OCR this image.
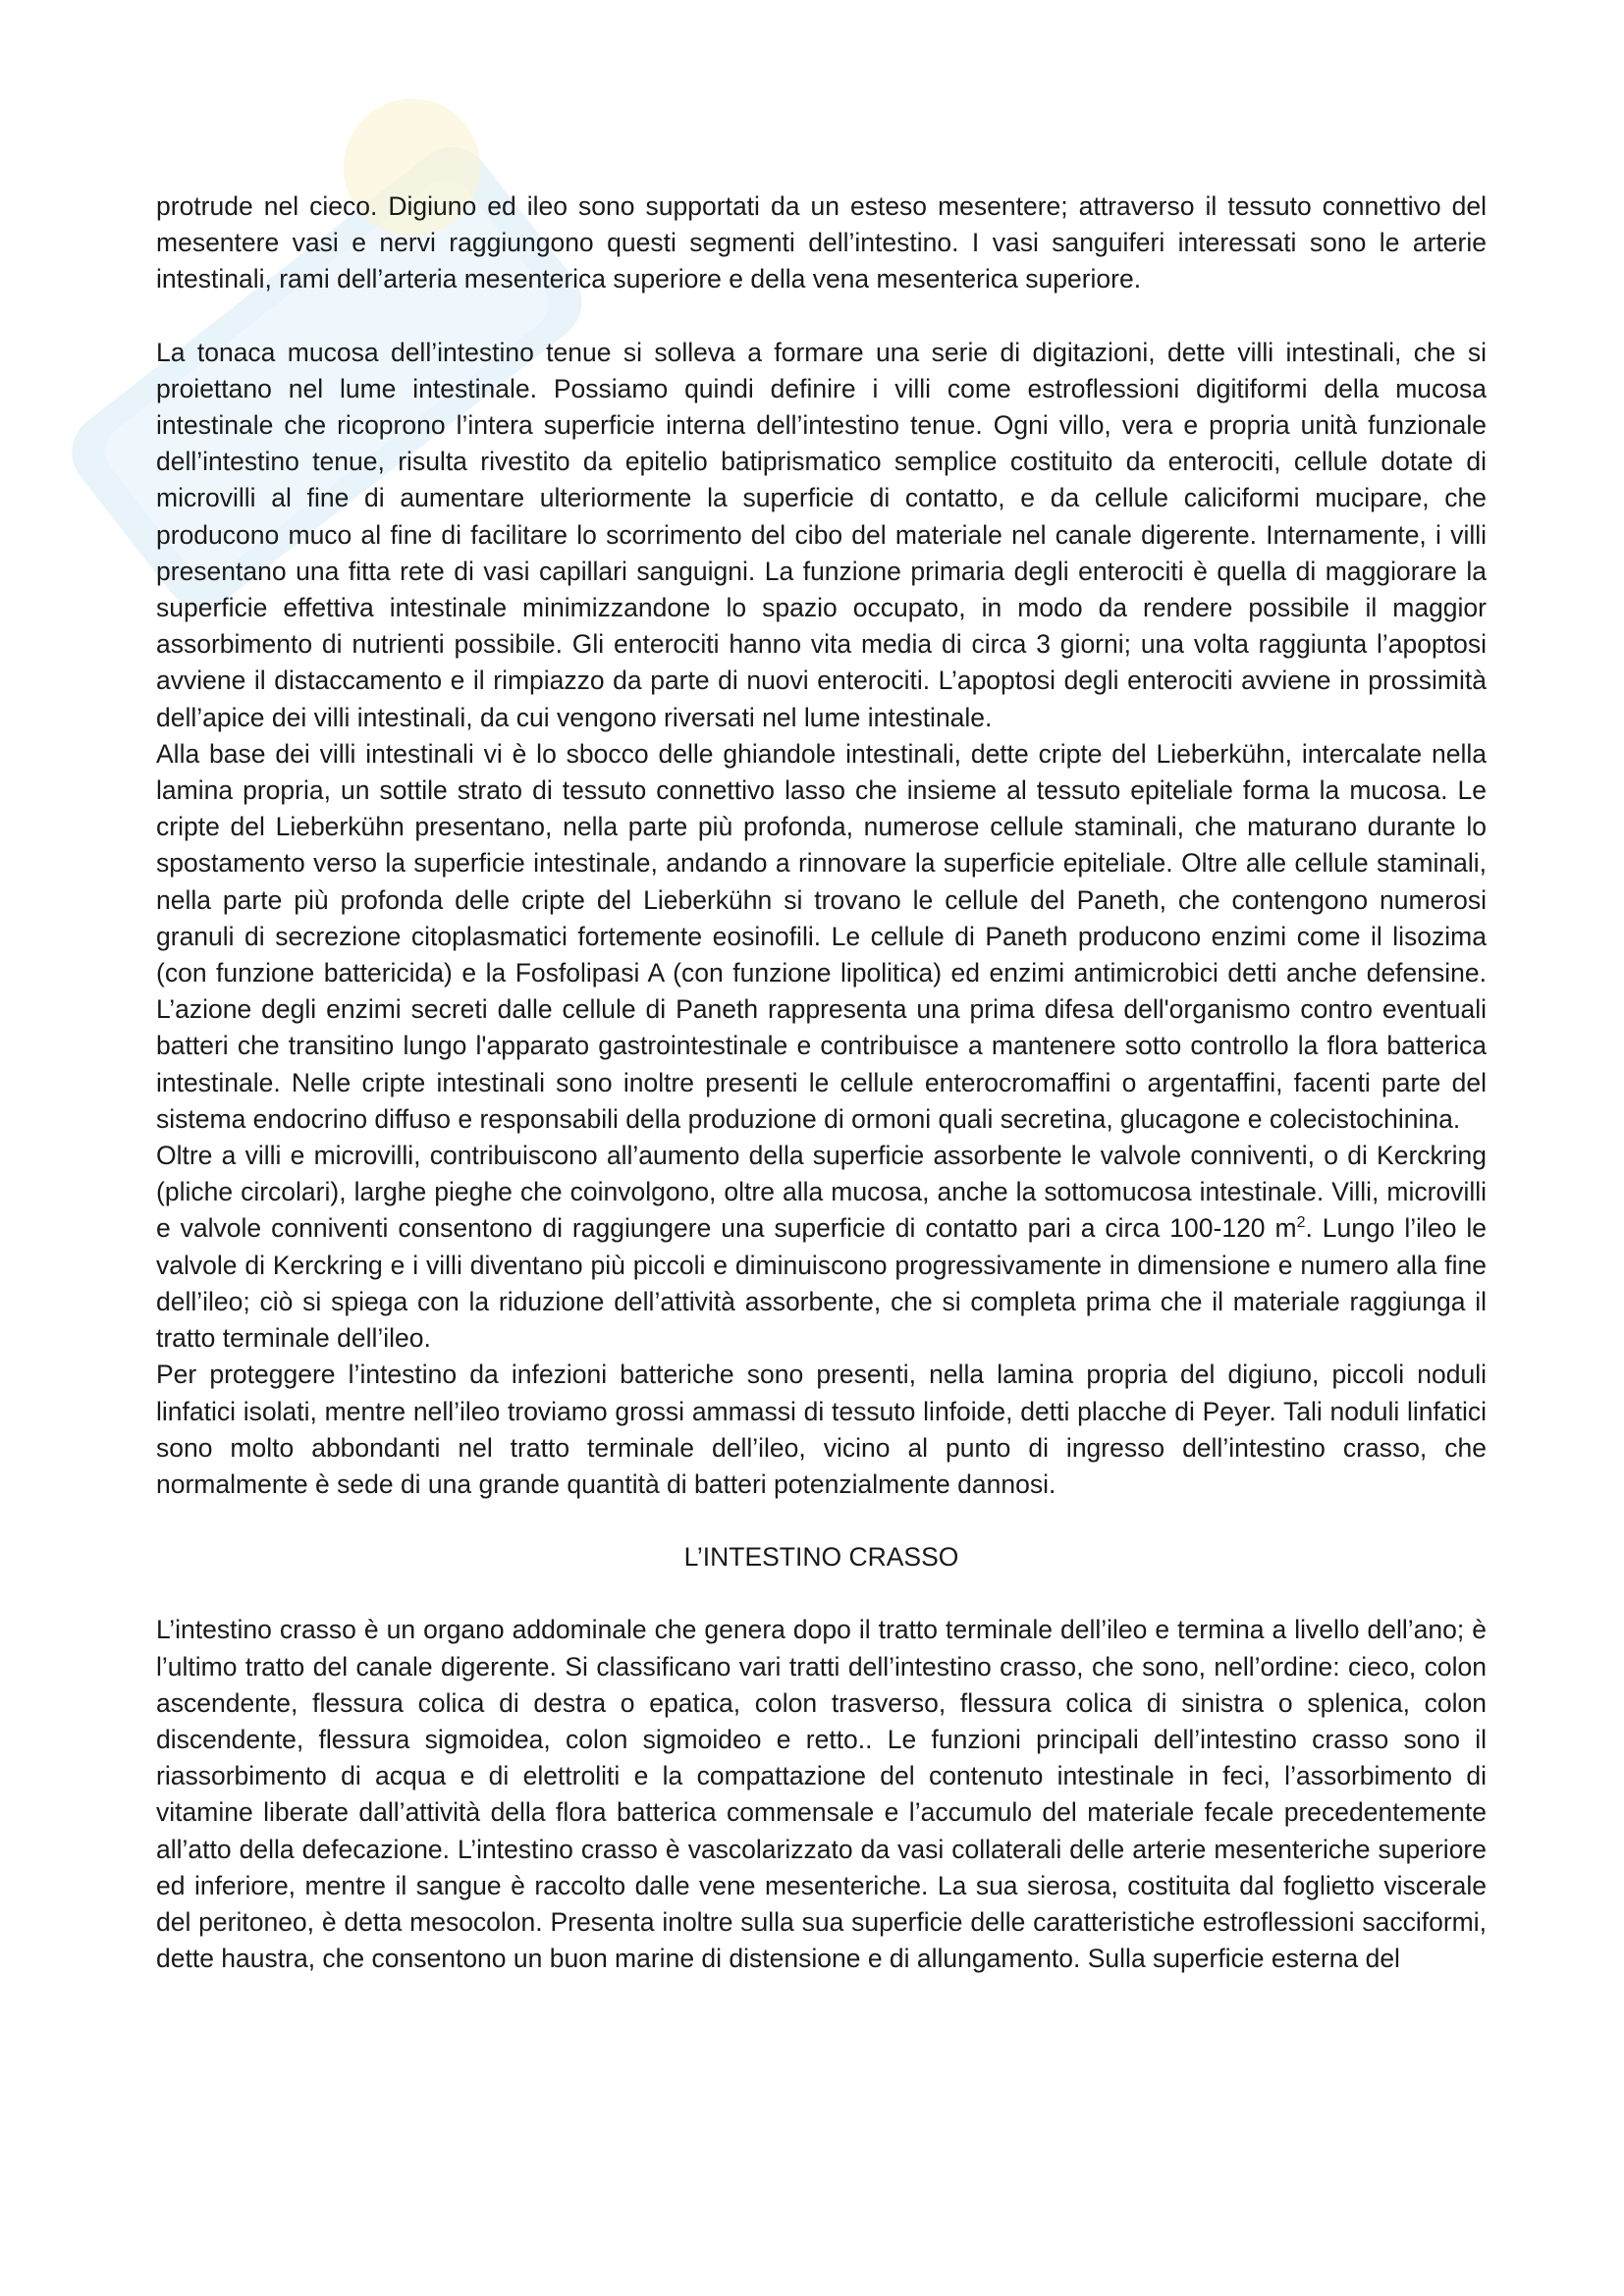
protrude nel cieco. Digiuno ed ileo sono supportati da un esteso mesentere; attraverso il tessuto connettivo del mesentere vasi e nervi raggiungono questi segmenti dell’intestino. I vasi sanguiferi interessati sono le arterie intestinali, rami dell’arteria mesenterica superiore e della vena mesenterica superiore.

La tonaca mucosa dell’intestino tenue si solleva a formare una serie di digitazioni, dette villi intestinali, che si proiettano nel lume intestinale. Possiamo quindi definire i villi come estroflessioni digitiformi della mucosa intestinale che ricoprono l’intera superficie interna dell’intestino tenue. Ogni villo, vera e propria unità funzionale dell’intestino tenue, risulta rivestito da epitelio batiprismatico semplice costituito da enterociti, cellule dotate di microvilli al fine di aumentare ulteriormente la superficie di contatto, e da cellule caliciformi mucipare, che producono muco al fine di facilitare lo scorrimento del cibo del materiale nel canale digerente. Internamente, i villi presentano una fitta rete di vasi capillari sanguigni. La funzione primaria degli enterociti è quella di maggiorare la superficie effettiva intestinale minimizzandone lo spazio occupato, in modo da rendere possibile il maggior assorbimento di nutrienti possibile. Gli enterociti hanno vita media di circa 3 giorni; una volta raggiunta l’apoptosi avviene il distaccamento e il rimpiazzo da parte di nuovi enterociti. L’apoptosi degli enterociti avviene in prossimità dell’apice dei villi intestinali, da cui vengono riversati nel lume intestinale.

Alla base dei villi intestinali vi è lo sbocco delle ghiandole intestinali, dette cripte del Lieberkühn, intercalate nella lamina propria, un sottile strato di tessuto connettivo lasso che insieme al tessuto epiteliale forma la mucosa. Le cripte del Lieberkühn presentano, nella parte più profonda, numerose cellule staminali, che maturano durante lo spostamento verso la superficie intestinale, andando a rinnovare la superficie epiteliale. Oltre alle cellule staminali, nella parte più profonda delle cripte del Lieberkühn si trovano le cellule del Paneth, che contengono numerosi granuli di secrezione citoplasmatici fortemente eosinofili. Le cellule di Paneth producono enzimi come il lisozima (con funzione battericida) e la Fosfolipasi A (con funzione lipolitica) ed enzimi antimicrobici detti anche defensine. L’azione degli enzimi secreti dalle cellule di Paneth rappresenta una prima difesa dell'organismo contro eventuali batteri che transitino lungo l'apparato gastrointestinale e contribuisce a mantenere sotto controllo la flora batterica intestinale. Nelle cripte intestinali sono inoltre presenti le cellule enterocromaffini o argentaffini, facenti parte del sistema endocrino diffuso e responsabili della produzione di ormoni quali secretina, glucagone e colecistochinina.

Oltre a villi e microvilli, contribuiscono all’aumento della superficie assorbente le valvole conniventi, o di Kerckring (pliche circolari), larghe pieghe che coinvolgono, oltre alla mucosa, anche la sottomucosa intestinale. Villi, microvilli e valvole conniventi consentono di raggiungere una superficie di contatto pari a circa 100-120 $m^2$. Lungo l’ileo le valvole di Kerckring e i villi diventano più piccoli e diminuiscono progressivamente in dimensione e numero alla fine dell’ileo; ciò si spiega con la riduzione dell’attività assorbente, che si completa prima che il materiale raggiunga il tratto terminale dell’ileo.

Per proteggere l’intestino da infezioni batteriche sono presenti, nella lamina propria del digiuno, piccoli noduli linfatici isolati, mentre nell’ileo troviamo grossi ammassi di tessuto linfoide, detti placche di Peyer. Tali noduli linfatici sono molto abbondanti nel tratto terminale dell’ileo, vicino al punto di ingresso dell’intestino crasso, che normalmente è sede di una grande quantità di batteri potenzialmente dannosi.

L’INTESTINO CRASSO

L’intestino crasso è un organo addominale che genera dopo il tratto terminale dell’ileo e termina a livello dell’ano; è l’ultimo tratto del canale digerente. Si classificano vari tratti dell’intestino crasso, che sono, nell’ordine: cieco, colon ascendente, flessura colica di destra o epatica, colon trasverso, flessura colica di sinistra o splenica, colon discendente, flessura sigmoidea, colon sigmoideo e retto.. Le funzioni principali dell’intestino crasso sono il riassorbimento di acqua e di elettroliti e la compattazione del contenuto intestinale in feci, l’assorbimento di vitamine liberate dall’attività della flora batterica commensale e l’accumulo del materiale fecale precedentemente all’atto della defecazione. L’intestino crasso è vascolarizzato da vasi collaterali delle arterie mesenteriche superiore ed inferiore, mentre il sangue è raccolto dalle vene mesenteriche. La sua sierosa, costituita dal foglietto viscerale del peritoneo, è detta mesocolon. Presenta inoltre sulla sua superficie delle caratteristiche estroflessioni sacciformi, dette haustra, che consentono un buon marine di distensione e di allungamento. Sulla superficie esterna del
